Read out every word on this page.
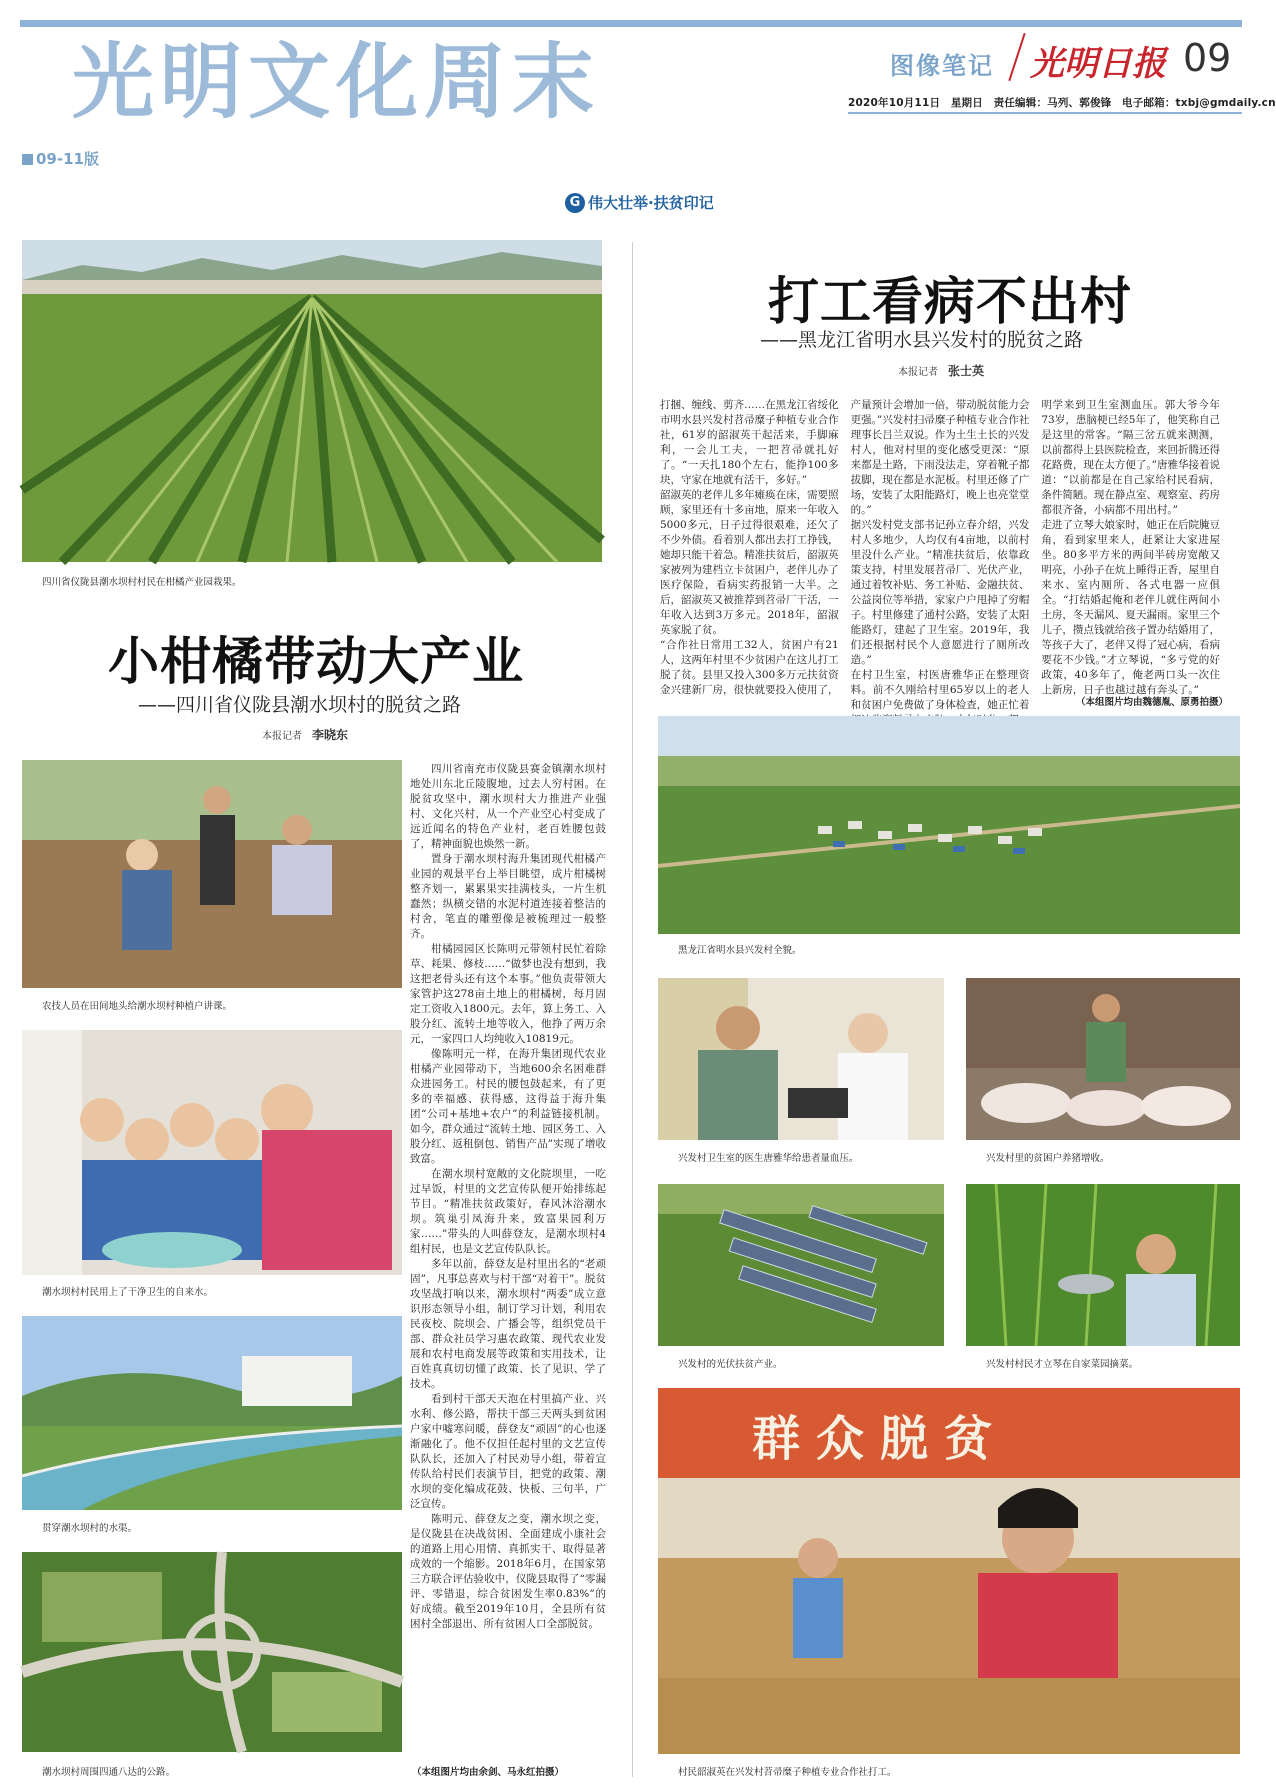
光明文化周末
09-11版
图像笔记 光明日报 09
2020年10月11日　星期日　责任编辑：马列、郭俊锋　电子邮箱：txbj@gmdaily.cn
G 伟大壮举·扶贫印记
四川省仪陇县潮水坝村村民在柑橘产业园栽果。
小柑橘带动大产业
——四川省仪陇县潮水坝村的脱贫之路
本报记者　 李晓东
农技人员在田间地头给潮水坝村种植户讲课。
潮水坝村村民用上了干净卫生的自来水。
贯穿潮水坝村的水渠。
潮水坝村周围四通八达的公路。

四川省南充市仪陇县赛金镇潮水坝村地处川东北丘陵腹地，过去人穷村困。在脱贫攻坚中，潮水坝村大力推进产业强村、文化兴村，从一个产业空心村变成了远近闻名的特色产业村，老百姓腰包鼓了，精神面貌也焕然一新。

置身于潮水坝村海升集团现代柑橘产业园的观景平台上举目眺望，成片柑橘树整齐划一，累累果实挂满枝头，一片生机蠢然；纵横交错的水泥村道连接着整洁的村舍，笔直的雕塑像是被梳理过一般整齐。

柑橘园园区长陈明元带领村民忙着除草、耗果、修枝……“做梦也没有想到，我这把老骨头还有这个本事。”他负责带领大家管护这278亩土地上的柑橘树，每月固定工资收入1800元。去年，算上务工、入股分红、流转土地等收入，他挣了两万余元，一家四口人均纯收入10819元。

像陈明元一样，在海升集团现代农业柑橘产业园带动下，当地600余名困难群众进园务工。村民的腰包鼓起来，有了更多的幸福感、获得感，这得益于海升集团“公司+基地+农户”的利益链接机制。如今，群众通过“流转土地、园区务工、入股分红、返租倒包、销售产品”实现了增收致富。

在潮水坝村宽敞的文化院坝里，一吃过早饭，村里的文艺宣传队便开始排练起节目。“精准扶贫政策好，春风沐浴潮水坝。筑巢引凤海升来，致富果园利万家……”带头的人叫薛登友，是潮水坝村4组村民，也是文艺宣传队队长。

多年以前，薛登友是村里出名的“老顽固”，凡事总喜欢与村干部“对着干”。脱贫攻坚战打响以来，潮水坝村“两委”成立意识形态领导小组，制订学习计划，利用农民夜校、院坝会、广播会等，组织党员干部、群众社员学习惠农政策、现代农业发展和农村电商发展等政策和实用技术，让百姓真真切切懂了政策、长了见识、学了技术。

看到村干部天天泡在村里搞产业、兴水利、修公路，帮扶干部三天两头到贫困户家中嘘寒问暖，薛登友“顽固”的心也逐渐融化了。他不仅担任起村里的文艺宣传队队长，还加入了村民劝导小组，带着宣传队给村民们表演节目，把党的政策、潮水坝的变化编成花鼓、快板、三句半，广泛宣传。

陈明元、薛登友之变，潮水坝之变，是仪陇县在决战贫困、全面建成小康社会的道路上用心用情、真抓实干、取得显著成效的一个缩影。2018年6月，在国家第三方联合评估验收中，仪陇县取得了“零漏评、零错退，综合贫困发生率0.83%”的好成绩。截至2019年10月，全县所有贫困村全部退出、所有贫困人口全部脱贫。

（本组图片均由余剑、马永红拍摄）
打工看病不出村
——黑龙江省明水县兴发村的脱贫之路
本报记者　 张士英

打捆、缠线、剪齐……在黑龙江省绥化市明水县兴发村苕帚糜子种植专业合作社，61岁的韶淑英干起活来，手脚麻利，一会儿工夫，一把苕帚就扎好了。“一天扎180个左右，能挣100多块，守家在地就有活干，多好。”
韶淑英的老伴儿多年瘫痪在床，需要照顾，家里还有十多亩地，原来一年收入5000多元，日子过得很艰难，还欠了不少外债。看着别人都出去打工挣钱，她却只能干着急。精准扶贫后，韶淑英家被列为建档立卡贫困户，老伴儿办了医疗保险，看病实药报销一大半。之后，韶淑英又被推荐到苕帚厂干活，一年收入达到3万多元。2018年，韶淑英家脱了贫。
“合作社日常用工32人，贫困户有21人，这两年村里不少贫困户在这儿打工脱了贫。县里又投入300多万元扶贫资金兴建新厂房，很快就要投入使用了，

产量预计会增加一倍，带动脱贫能力会更强。”兴发村扫帚糜子种植专业合作社理事长吕兰双说。作为土生土长的兴发村人，他对村里的变化感受更深：“原来都是土路，下雨没法走，穿着靴子都拔脚，现在都是水泥板。村里还修了广场，安装了太阳能路灯，晚上也亮堂堂的。”
据兴发村党支部书记孙立春介绍，兴发村人多地少，人均仅有4亩地，以前村里没什么产业。“精准扶贫后，依靠政策支持，村里发展苕帚厂、光伏产业，通过着牧补贴、务工补贴、金融扶贫、公益岗位等举措，家家户户甩掉了穷帽子。村里修建了通村公路，安装了太阳能路灯，建起了卫生室。2019年，我们还根据村民个人意愿进行了厕所改造。”
在村卫生室，村医唐雅华正在整理资料。前不久刚给村里65岁以上的老人和贫困户免费做了身体检查，她正忙着

明学来到卫生室测血压。郭大爷今年73岁，患脑梗已经5年了，他笑称自己是这里的常客。“隔三岔五就来测测，以前都得上县医院检查，来回折腾还得花路费，现在太方便了。”唐雅华接着说道：“以前都是在自己家给村民看病，条件简陋。现在静点室、观察室、药房都很齐备，小病都不用出村。”
走进了立琴大娘家时，她正在后院腌豆角，看到家里来人，赶紧让大家进屋坐。80多平方米的两间半砖房宽敞又明亮，小孙子在炕上睡得正香，屋里自来水、室内厕所、各式电器一应俱全。“打结婚起俺和老伴儿就住两间小土房，冬天漏风、夏天漏雨。家里三个儿子，攒点钱就给孩子置办结婚用了，等孩子大了，老伴又得了冠心病，看病要花不少钱。”才立琴说，“多亏党的好政策，40多年了，俺老两口头一次住上新房，日子也越过越有奔头了。”

（本组图片均由魏德胤、原勇拍摄）
黑龙江省明水县兴发村全貌。
兴发村卫生室的医生唐雅华给患者量血压。	兴发村里的贫困户养猪增收。
兴发村的光伏扶贫产业。	兴发村村民才立琴在自家菜园摘菜。
群众脱贫
村民韶淑英在兴发村苕帚糜子种植专业合作社打工。
